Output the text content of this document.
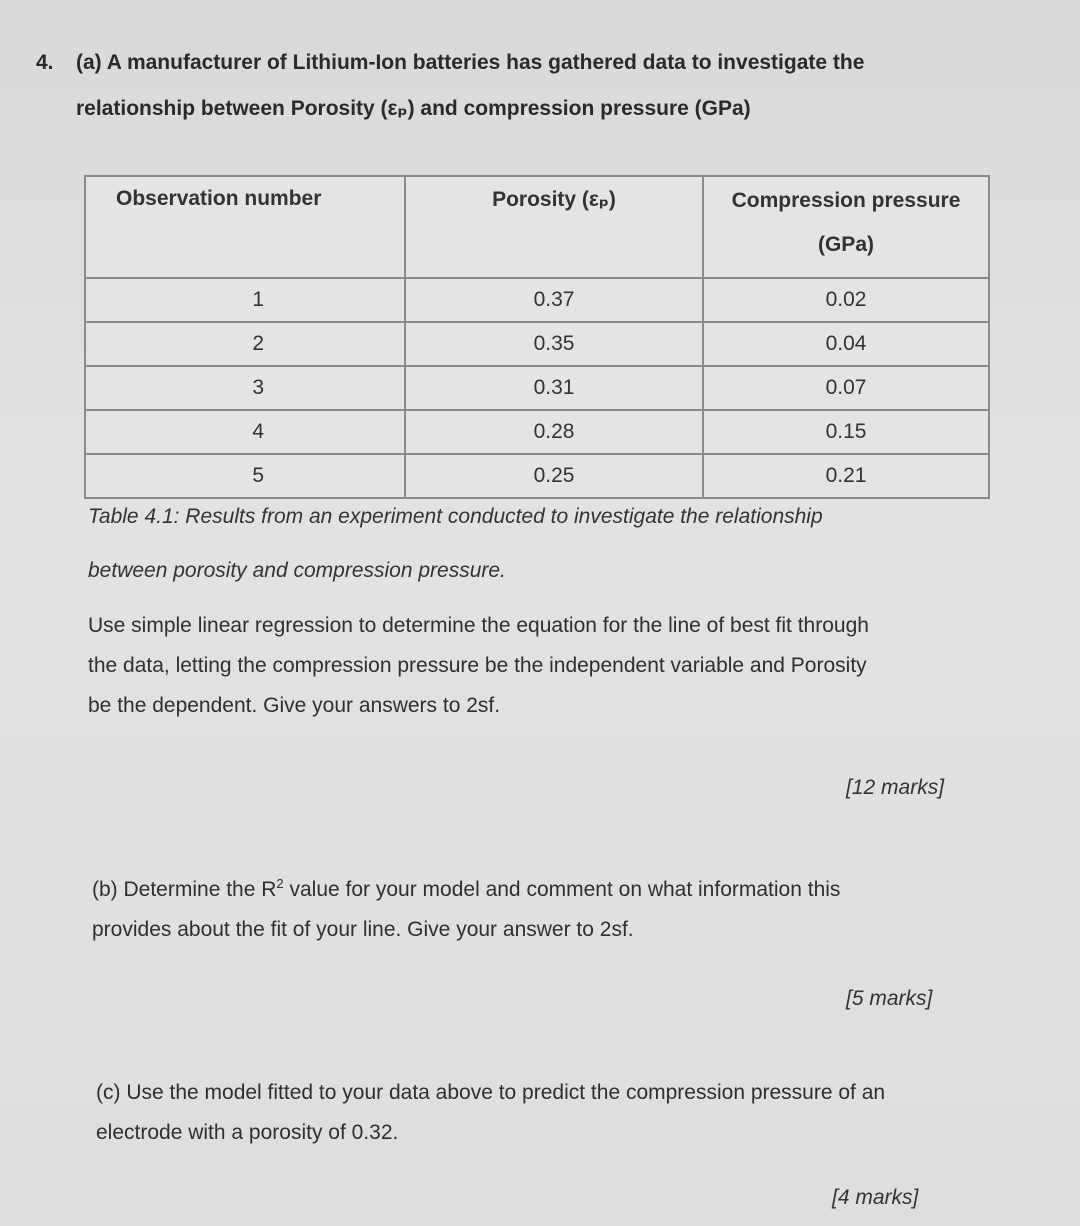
4. (a) A manufacturer of Lithium-Ion batteries has gathered data to investigate the
relationship between Porosity (εₚ) and compression pressure (GPa)
Observation number	Porosity (εₚ)	Compression pressure
(GPa)

1	0.37	0.02
2	0.35	0.04
3	0.31	0.07
4	0.28	0.15
5	0.25	0.21
Table 4.1: Results from an experiment conducted to investigate the relationship
between porosity and compression pressure.
Use simple linear regression to determine the equation for the line of best fit through
the data, letting the compression pressure be the independent variable and Porosity
be the dependent. Give your answers to 2sf.
[12 marks]
(b) Determine the $R^2$ value for your model and comment on what information this
provides about the fit of your line. Give your answer to 2sf.
[5 marks]
(c) Use the model fitted to your data above to predict the compression pressure of an
electrode with a porosity of 0.32.
[4 marks]
